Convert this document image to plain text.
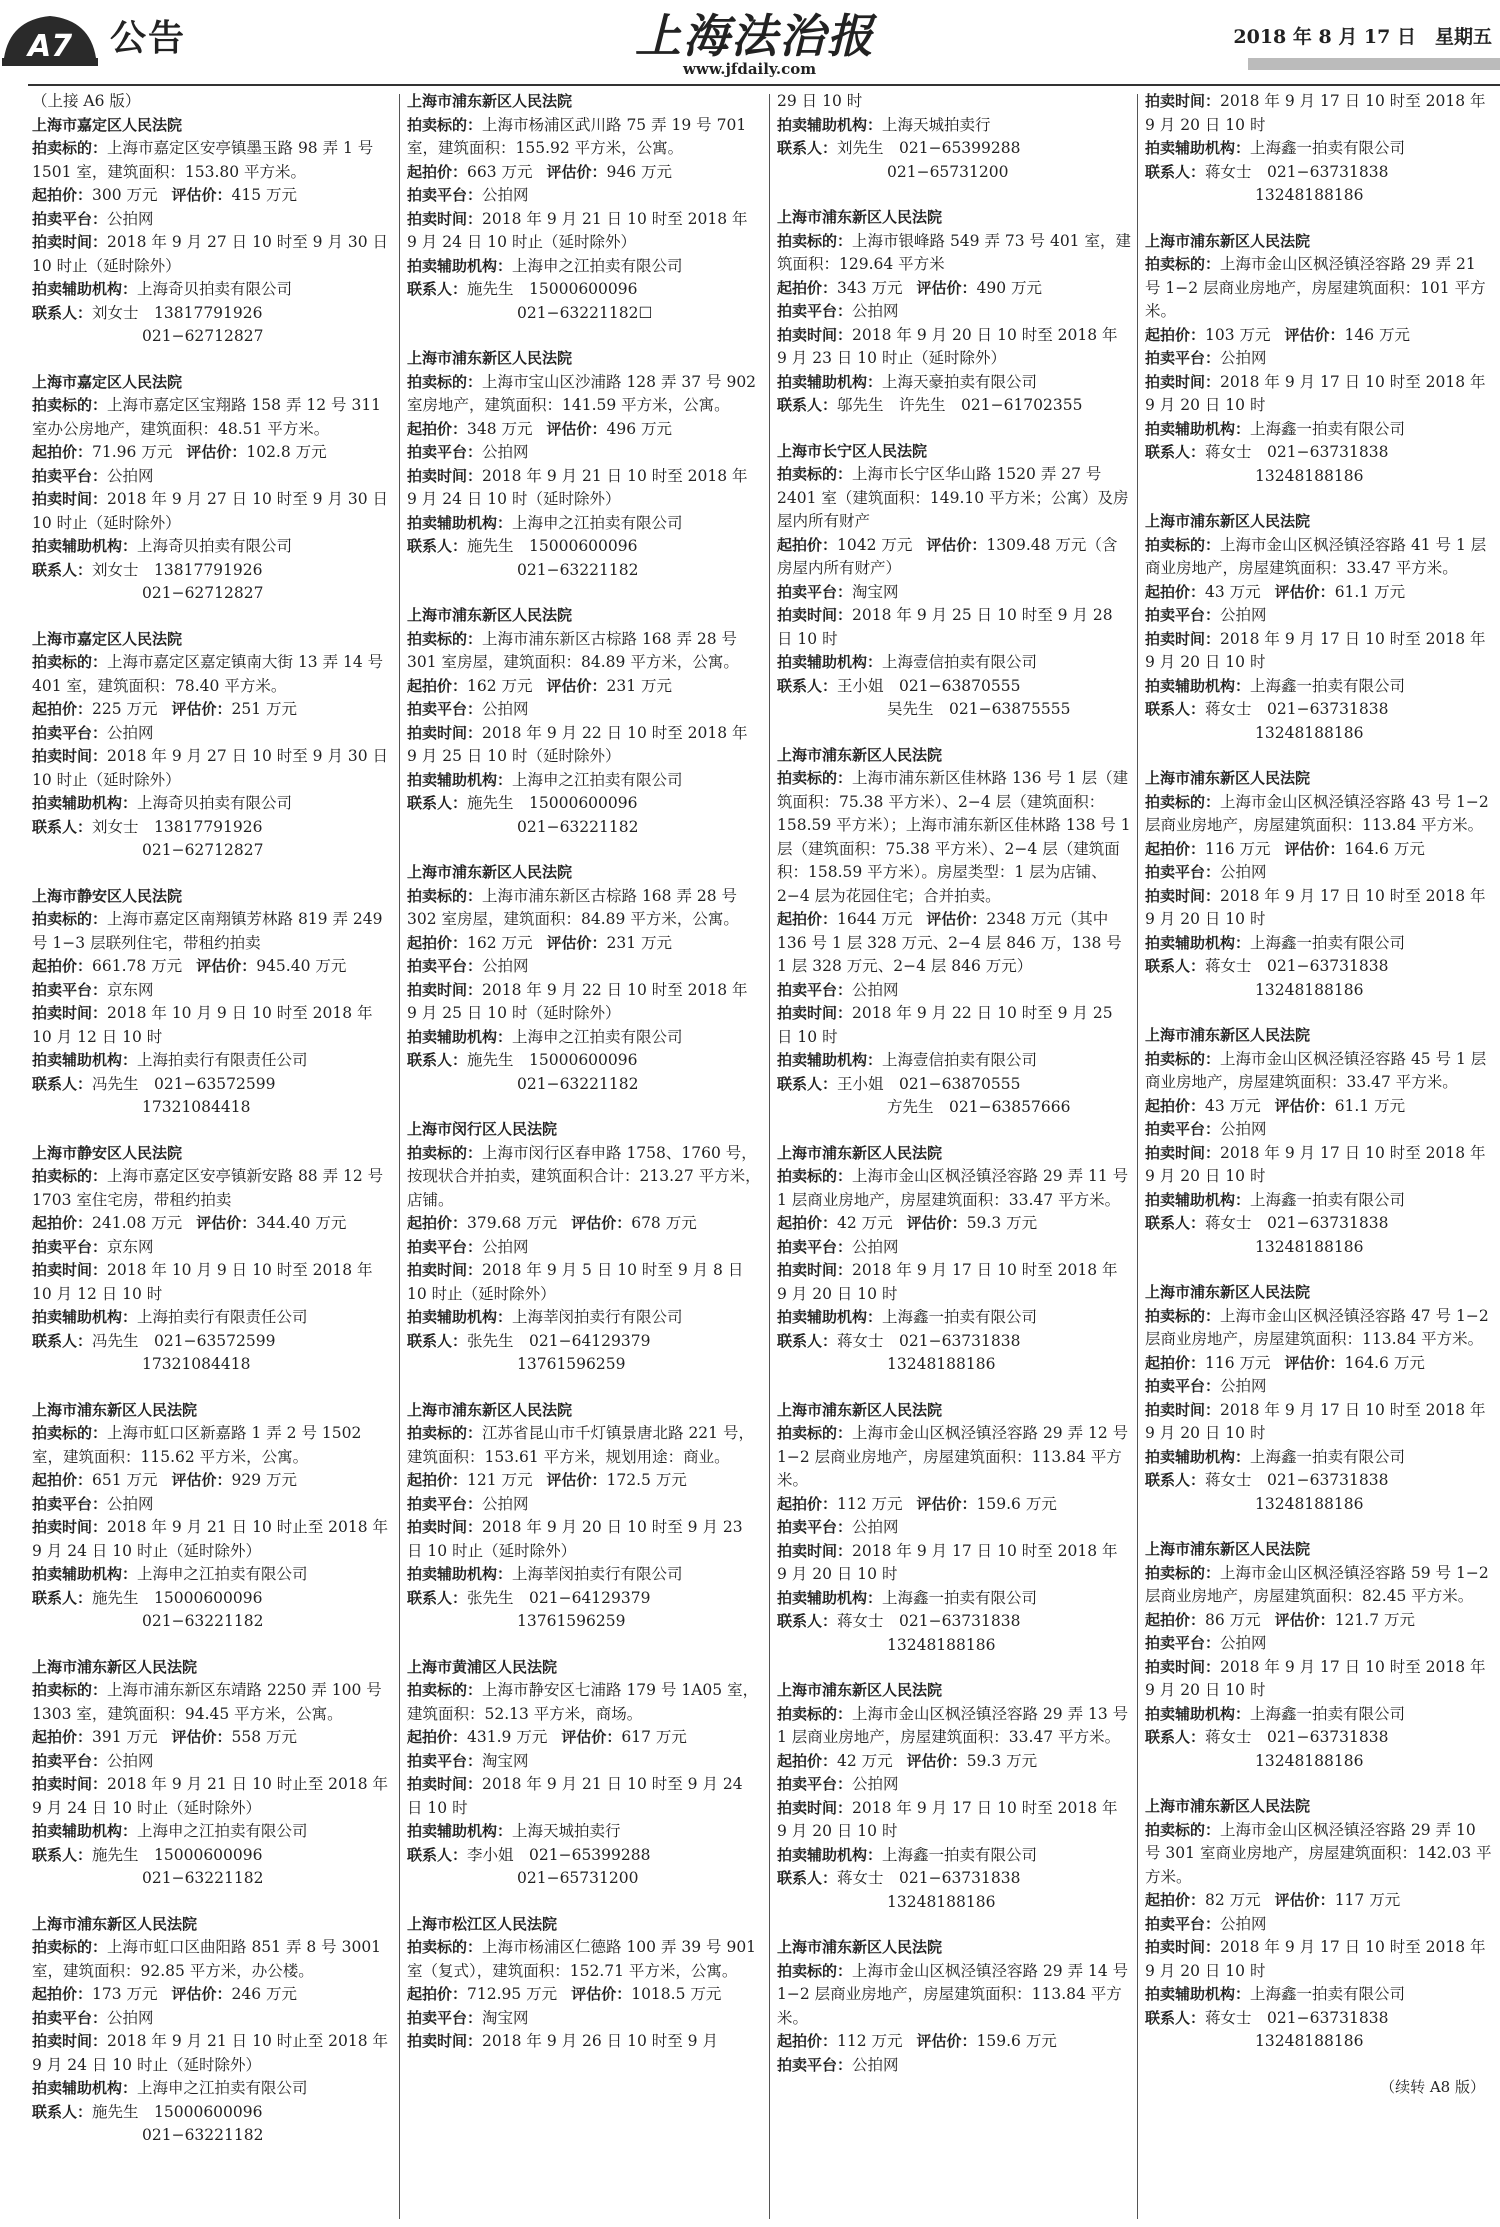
A7 公告	上海法治报
www.jfdaily.com
2018 年 8 月 17 日　星期五
（上接 A6 版）
上海市嘉定区人民法院
拍卖标的：上海市嘉定区安亭镇墨玉路 98 弄 1 号 1501 室，建筑面积：153.80 平方米。
起拍价：300 万元 评估价：415 万元
拍卖平台：公拍网
拍卖时间：2018 年 9 月 27 日 10 时至 9 月 30 日 10 时止（延时除外）
拍卖辅助机构：上海奇贝拍卖有限公司
联系人：刘女士　13817791926
021−62712827
上海市嘉定区人民法院
拍卖标的：上海市嘉定区宝翔路 158 弄 12 号 311 室办公房地产，建筑面积：48.51 平方米。
起拍价：71.96 万元 评估价：102.8 万元
拍卖平台：公拍网
拍卖时间：2018 年 9 月 27 日 10 时至 9 月 30 日 10 时止（延时除外）
拍卖辅助机构：上海奇贝拍卖有限公司
联系人：刘女士　13817791926
021−62712827
上海市嘉定区人民法院
拍卖标的：上海市嘉定区嘉定镇南大街 13 弄 14 号 401 室，建筑面积：78.40 平方米。
起拍价：225 万元 评估价：251 万元
拍卖平台：公拍网
拍卖时间：2018 年 9 月 27 日 10 时至 9 月 30 日 10 时止（延时除外）
拍卖辅助机构：上海奇贝拍卖有限公司
联系人：刘女士　13817791926
021−62712827
上海市静安区人民法院
拍卖标的：上海市嘉定区南翔镇芳林路 819 弄 249 号 1−3 层联列住宅，带租约拍卖
起拍价：661.78 万元 评估价：945.40 万元
拍卖平台：京东网
拍卖时间：2018 年 10 月 9 日 10 时至 2018 年 10 月 12 日 10 时
拍卖辅助机构：上海拍卖行有限责任公司
联系人：冯先生　021−63572599
17321084418
上海市静安区人民法院
拍卖标的：上海市嘉定区安亭镇新安路 88 弄 12 号 1703 室住宅房，带租约拍卖
起拍价：241.08 万元 评估价：344.40 万元
拍卖平台：京东网
拍卖时间：2018 年 10 月 9 日 10 时至 2018 年 10 月 12 日 10 时
拍卖辅助机构：上海拍卖行有限责任公司
联系人：冯先生　021−63572599
17321084418
上海市浦东新区人民法院
拍卖标的：上海市虹口区新嘉路 1 弄 2 号 1502 室，建筑面积：115.62 平方米，公寓。
起拍价：651 万元 评估价：929 万元
拍卖平台：公拍网
拍卖时间：2018 年 9 月 21 日 10 时止至 2018 年 9 月 24 日 10 时止（延时除外）
拍卖辅助机构：上海申之江拍卖有限公司
联系人：施先生　15000600096
021−63221182
上海市浦东新区人民法院
拍卖标的：上海市浦东新区东靖路 2250 弄 100 号 1303 室，建筑面积：94.45 平方米，公寓。
起拍价：391 万元 评估价：558 万元
拍卖平台：公拍网
拍卖时间：2018 年 9 月 21 日 10 时止至 2018 年 9 月 24 日 10 时止（延时除外）
拍卖辅助机构：上海申之江拍卖有限公司
联系人：施先生　15000600096
021−63221182
上海市浦东新区人民法院
拍卖标的：上海市虹口区曲阳路 851 弄 8 号 3001 室，建筑面积：92.85 平方米，办公楼。
起拍价：173 万元 评估价：246 万元
拍卖平台：公拍网
拍卖时间：2018 年 9 月 21 日 10 时止至 2018 年 9 月 24 日 10 时止（延时除外）
拍卖辅助机构：上海申之江拍卖有限公司
联系人：施先生　15000600096
021−63221182
上海市浦东新区人民法院
拍卖标的：上海市杨浦区武川路 75 弄 19 号 701 室，建筑面积：155.92 平方米，公寓。
起拍价：663 万元 评估价：946 万元
拍卖平台：公拍网
拍卖时间：2018 年 9 月 21 日 10 时至 2018 年 9 月 24 日 10 时止（延时除外）
拍卖辅助机构：上海申之江拍卖有限公司
联系人：施先生　15000600096
021−63221182☐
上海市浦东新区人民法院
拍卖标的：上海市宝山区沙浦路 128 弄 37 号 902 室房地产，建筑面积：141.59 平方米，公寓。
起拍价：348 万元 评估价：496 万元
拍卖平台：公拍网
拍卖时间：2018 年 9 月 21 日 10 时至 2018 年 9 月 24 日 10 时（延时除外）
拍卖辅助机构：上海申之江拍卖有限公司
联系人：施先生　15000600096
021−63221182
上海市浦东新区人民法院
拍卖标的：上海市浦东新区古棕路 168 弄 28 号 301 室房屋，建筑面积：84.89 平方米，公寓。
起拍价：162 万元 评估价：231 万元
拍卖平台：公拍网
拍卖时间：2018 年 9 月 22 日 10 时至 2018 年 9 月 25 日 10 时（延时除外）
拍卖辅助机构：上海申之江拍卖有限公司
联系人：施先生　15000600096
021−63221182
上海市浦东新区人民法院
拍卖标的：上海市浦东新区古棕路 168 弄 28 号 302 室房屋，建筑面积：84.89 平方米，公寓。
起拍价：162 万元 评估价：231 万元
拍卖平台：公拍网
拍卖时间：2018 年 9 月 22 日 10 时至 2018 年 9 月 25 日 10 时（延时除外）
拍卖辅助机构：上海申之江拍卖有限公司
联系人：施先生　15000600096
021−63221182
上海市闵行区人民法院
拍卖标的：上海市闵行区春申路 1758、1760 号，按现状合并拍卖，建筑面积合计：213.27 平方米，店铺。
起拍价：379.68 万元 评估价：678 万元
拍卖平台：公拍网
拍卖时间：2018 年 9 月 5 日 10 时至 9 月 8 日 10 时止（延时除外）
拍卖辅助机构：上海莘闵拍卖行有限公司
联系人：张先生　021−64129379
13761596259
上海市浦东新区人民法院
拍卖标的：江苏省昆山市千灯镇景唐北路 221 号，建筑面积：153.61 平方米，规划用途：商业。
起拍价：121 万元 评估价：172.5 万元
拍卖平台：公拍网
拍卖时间：2018 年 9 月 20 日 10 时至 9 月 23 日 10 时止（延时除外）
拍卖辅助机构：上海莘闵拍卖行有限公司
联系人：张先生　021−64129379
13761596259
上海市黄浦区人民法院
拍卖标的：上海市静安区七浦路 179 号 1A05 室，建筑面积：52.13 平方米，商场。
起拍价：431.9 万元 评估价：617 万元
拍卖平台：淘宝网
拍卖时间：2018 年 9 月 21 日 10 时至 9 月 24 日 10 时
拍卖辅助机构：上海天城拍卖行
联系人：李小姐　021−65399288
021−65731200
上海市松江区人民法院
拍卖标的：上海市杨浦区仁德路 100 弄 39 号 901 室（复式），建筑面积：152.71 平方米，公寓。
起拍价：712.95 万元 评估价：1018.5 万元
拍卖平台：淘宝网
拍卖时间：2018 年 9 月 26 日 10 时至 9 月
29 日 10 时
拍卖辅助机构：上海天城拍卖行
联系人：刘先生　021−65399288
021−65731200
上海市浦东新区人民法院
拍卖标的：上海市银峰路 549 弄 73 号 401 室，建筑面积：129.64 平方米
起拍价：343 万元 评估价：490 万元
拍卖平台：公拍网
拍卖时间：2018 年 9 月 20 日 10 时至 2018 年 9 月 23 日 10 时止（延时除外）
拍卖辅助机构：上海天豪拍卖有限公司
联系人：邬先生　许先生　021−61702355
上海市长宁区人民法院
拍卖标的：上海市长宁区华山路 1520 弄 27 号 2401 室（建筑面积：149.10 平方米；公寓）及房屋内所有财产
起拍价：1042 万元 评估价：1309.48 万元（含房屋内所有财产）
拍卖平台：淘宝网
拍卖时间：2018 年 9 月 25 日 10 时至 9 月 28 日 10 时
拍卖辅助机构：上海壹信拍卖有限公司
联系人：王小姐　021−63870555
吴先生　021−63875555
上海市浦东新区人民法院
拍卖标的：上海市浦东新区佳林路 136 号 1 层（建筑面积：75.38 平方米）、2−4 层（建筑面积：158.59 平方米）；上海市浦东新区佳林路 138 号 1 层（建筑面积：75.38 平方米）、2−4 层（建筑面积：158.59 平方米）。房屋类型：1 层为店铺、2−4 层为花园住宅；合并拍卖。
起拍价：1644 万元 评估价：2348 万元（其中 136 号 1 层 328 万元、2−4 层 846 万，138 号 1 层 328 万元、2−4 层 846 万元）
拍卖平台：公拍网
拍卖时间：2018 年 9 月 22 日 10 时至 9 月 25 日 10 时
拍卖辅助机构：上海壹信拍卖有限公司
联系人：王小姐　021−63870555
方先生　021−63857666
上海市浦东新区人民法院
拍卖标的：上海市金山区枫泾镇泾容路 29 弄 11 号 1 层商业房地产，房屋建筑面积：33.47 平方米。
起拍价：42 万元 评估价：59.3 万元
拍卖平台：公拍网
拍卖时间：2018 年 9 月 17 日 10 时至 2018 年 9 月 20 日 10 时
拍卖辅助机构：上海鑫一拍卖有限公司
联系人：蒋女士　021−63731838
13248188186
上海市浦东新区人民法院
拍卖标的：上海市金山区枫泾镇泾容路 29 弄 12 号 1−2 层商业房地产，房屋建筑面积：113.84 平方米。
起拍价：112 万元 评估价：159.6 万元
拍卖平台：公拍网
拍卖时间：2018 年 9 月 17 日 10 时至 2018 年 9 月 20 日 10 时
拍卖辅助机构：上海鑫一拍卖有限公司
联系人：蒋女士　021−63731838
13248188186
上海市浦东新区人民法院
拍卖标的：上海市金山区枫泾镇泾容路 29 弄 13 号 1 层商业房地产，房屋建筑面积：33.47 平方米。
起拍价：42 万元 评估价：59.3 万元
拍卖平台：公拍网
拍卖时间：2018 年 9 月 17 日 10 时至 2018 年 9 月 20 日 10 时
拍卖辅助机构：上海鑫一拍卖有限公司
联系人：蒋女士　021−63731838
13248188186
上海市浦东新区人民法院
拍卖标的：上海市金山区枫泾镇泾容路 29 弄 14 号 1−2 层商业房地产，房屋建筑面积：113.84 平方米。
起拍价：112 万元 评估价：159.6 万元
拍卖平台：公拍网
拍卖时间：2018 年 9 月 17 日 10 时至 2018 年 9 月 20 日 10 时
拍卖辅助机构：上海鑫一拍卖有限公司
联系人：蒋女士　021−63731838
13248188186
上海市浦东新区人民法院
拍卖标的：上海市金山区枫泾镇泾容路 29 弄 21 号 1−2 层商业房地产，房屋建筑面积：101 平方米。
起拍价：103 万元 评估价：146 万元
拍卖平台：公拍网
拍卖时间：2018 年 9 月 17 日 10 时至 2018 年 9 月 20 日 10 时
拍卖辅助机构：上海鑫一拍卖有限公司
联系人：蒋女士　021−63731838
13248188186
上海市浦东新区人民法院
拍卖标的：上海市金山区枫泾镇泾容路 41 号 1 层商业房地产，房屋建筑面积：33.47 平方米。
起拍价：43 万元 评估价：61.1 万元
拍卖平台：公拍网
拍卖时间：2018 年 9 月 17 日 10 时至 2018 年 9 月 20 日 10 时
拍卖辅助机构：上海鑫一拍卖有限公司
联系人：蒋女士　021−63731838
13248188186
上海市浦东新区人民法院
拍卖标的：上海市金山区枫泾镇泾容路 43 号 1−2 层商业房地产，房屋建筑面积：113.84 平方米。
起拍价：116 万元 评估价：164.6 万元
拍卖平台：公拍网
拍卖时间：2018 年 9 月 17 日 10 时至 2018 年 9 月 20 日 10 时
拍卖辅助机构：上海鑫一拍卖有限公司
联系人：蒋女士　021−63731838
13248188186
上海市浦东新区人民法院
拍卖标的：上海市金山区枫泾镇泾容路 45 号 1 层商业房地产，房屋建筑面积：33.47 平方米。
起拍价：43 万元 评估价：61.1 万元
拍卖平台：公拍网
拍卖时间：2018 年 9 月 17 日 10 时至 2018 年 9 月 20 日 10 时
拍卖辅助机构：上海鑫一拍卖有限公司
联系人：蒋女士　021−63731838
13248188186
上海市浦东新区人民法院
拍卖标的：上海市金山区枫泾镇泾容路 47 号 1−2 层商业房地产，房屋建筑面积：113.84 平方米。
起拍价：116 万元 评估价：164.6 万元
拍卖平台：公拍网
拍卖时间：2018 年 9 月 17 日 10 时至 2018 年 9 月 20 日 10 时
拍卖辅助机构：上海鑫一拍卖有限公司
联系人：蒋女士　021−63731838
13248188186
上海市浦东新区人民法院
拍卖标的：上海市金山区枫泾镇泾容路 59 号 1−2 层商业房地产，房屋建筑面积：82.45 平方米。
起拍价：86 万元 评估价：121.7 万元
拍卖平台：公拍网
拍卖时间：2018 年 9 月 17 日 10 时至 2018 年 9 月 20 日 10 时
拍卖辅助机构：上海鑫一拍卖有限公司
联系人：蒋女士　021−63731838
13248188186
上海市浦东新区人民法院
拍卖标的：上海市金山区枫泾镇泾容路 29 弄 10 号 301 室商业房地产，房屋建筑面积：142.03 平方米。
起拍价：82 万元 评估价：117 万元
拍卖平台：公拍网
拍卖时间：2018 年 9 月 17 日 10 时至 2018 年 9 月 20 日 10 时
拍卖辅助机构：上海鑫一拍卖有限公司
联系人：蒋女士　021−63731838
13248188186
（续转 A8 版）
